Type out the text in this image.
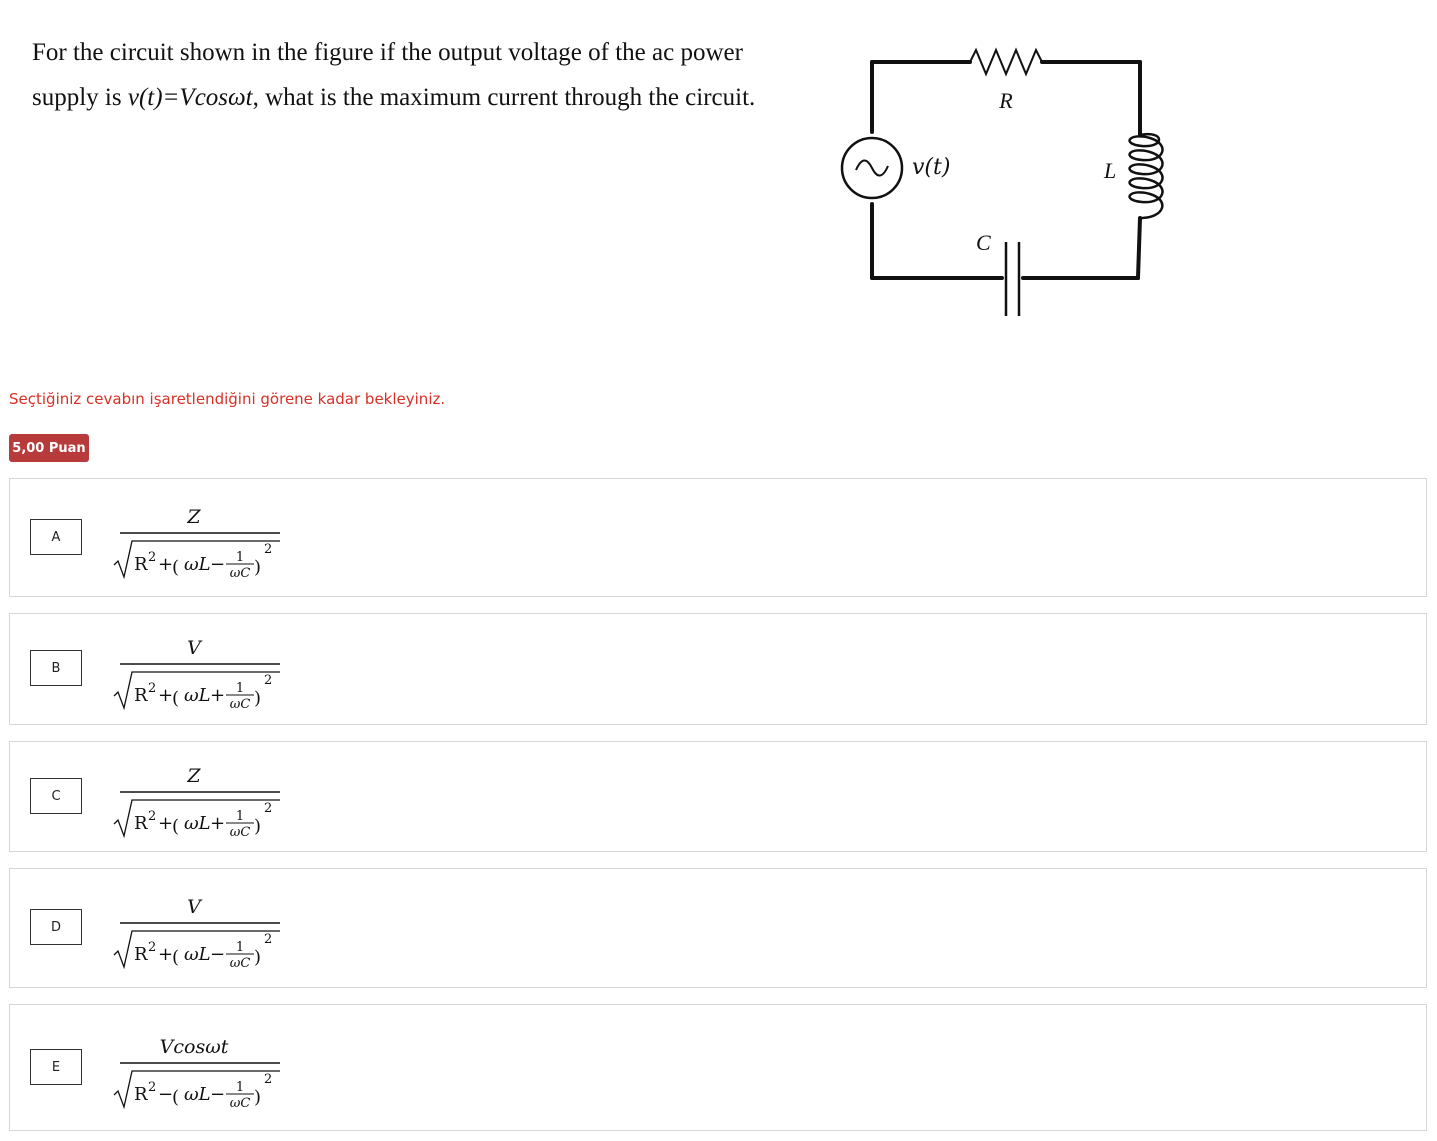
For the circuit shown in the figure if the output voltage of the ac power
supply is v(t)=Vcosωt, what is the maximum current through the circuit.	R
v(t)	L
C
Seçtiğiniz cevabın işaretlendiğini görene kadar bekleyiniz.
5,00 Puan
A
Z
R 2 +
( ωL − 1
ωC )
2
B
V
R 2 +
( ωL + 1
ωC )
2
C
Z
R 2 +
( ωL + 1
ωC )
2
D
V
R 2 +
( ωL − 1
ωC )
2
E
Vcosωt
R 2 −
( ωL − 1
ωC )
2
